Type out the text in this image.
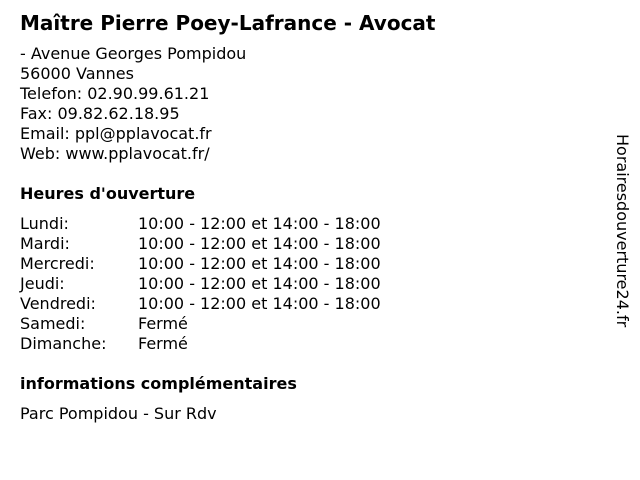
Maître Pierre Poey-Lafrance - Avocat
- Avenue Georges Pompidou
56000 Vannes
Telefon: 02.90.99.61.21
Fax: 09.82.62.18.95
Email: ppl@pplavocat.fr
Web: www.pplavocat.fr/
Heures d'ouverture
Lundi:	10:00 - 12:00 et 14:00 - 18:00
Mardi:	10:00 - 12:00 et 14:00 - 18:00
Mercredi:	10:00 - 12:00 et 14:00 - 18:00
Jeudi:	10:00 - 12:00 et 14:00 - 18:00
Vendredi:	10:00 - 12:00 et 14:00 - 18:00
Samedi:	Fermé
Dimanche:	Fermé
informations complémentaires
Parc Pompidou - Sur Rdv
Horairesdouverture24.fr
